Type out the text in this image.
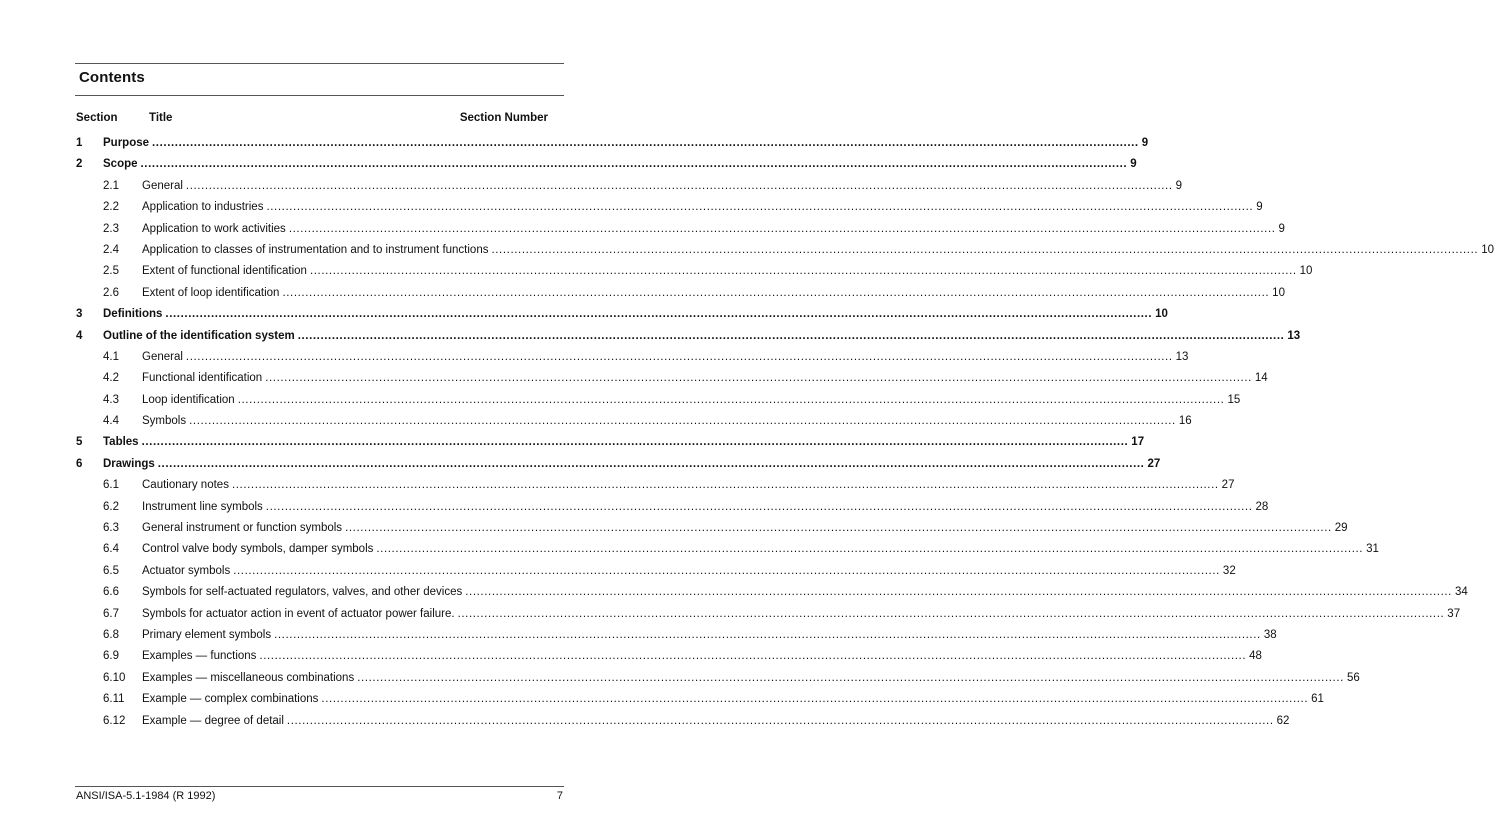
Contents
Section	Title	Section Number
1 Purpose .................................................................................................................................................................................................................................................................... 9
2 Scope .................................................................................................................................................................................................................................................................... 9
2.1 General .................................................................................................................................................................................................................................................................... 9
2.2 Application to industries .................................................................................................................................................................................................................................................................... 9
2.3 Application to work activities .................................................................................................................................................................................................................................................................... 9
2.4 Application to classes of instrumentation and to instrument functions .................................................................................................................................................................................................................................................................... 10
2.5 Extent of functional identification .................................................................................................................................................................................................................................................................... 10
2.6 Extent of loop identification .................................................................................................................................................................................................................................................................... 10
3 Definitions .................................................................................................................................................................................................................................................................... 10
4 Outline of the identification system .................................................................................................................................................................................................................................................................... 13
4.1 General .................................................................................................................................................................................................................................................................... 13
4.2 Functional identification .................................................................................................................................................................................................................................................................... 14
4.3 Loop identification .................................................................................................................................................................................................................................................................... 15
4.4 Symbols .................................................................................................................................................................................................................................................................... 16
5 Tables .................................................................................................................................................................................................................................................................... 17
6 Drawings .................................................................................................................................................................................................................................................................... 27
6.1 Cautionary notes .................................................................................................................................................................................................................................................................... 27
6.2 Instrument line symbols .................................................................................................................................................................................................................................................................... 28
6.3 General instrument or function symbols .................................................................................................................................................................................................................................................................... 29
6.4 Control valve body symbols, damper symbols .................................................................................................................................................................................................................................................................... 31
6.5 Actuator symbols .................................................................................................................................................................................................................................................................... 32
6.6 Symbols for self-actuated regulators, valves, and other devices .................................................................................................................................................................................................................................................................... 34
6.7 Symbols for actuator action in event of actuator power failure. .................................................................................................................................................................................................................................................................... 37
6.8 Primary element symbols .................................................................................................................................................................................................................................................................... 38
6.9 Examples — functions .................................................................................................................................................................................................................................................................... 48
6.10 Examples — miscellaneous combinations .................................................................................................................................................................................................................................................................... 56
6.11 Example — complex combinations .................................................................................................................................................................................................................................................................... 61
6.12 Example — degree of detail .................................................................................................................................................................................................................................................................... 62
ANSI/ISA-5.1-1984 (R 1992)	7
